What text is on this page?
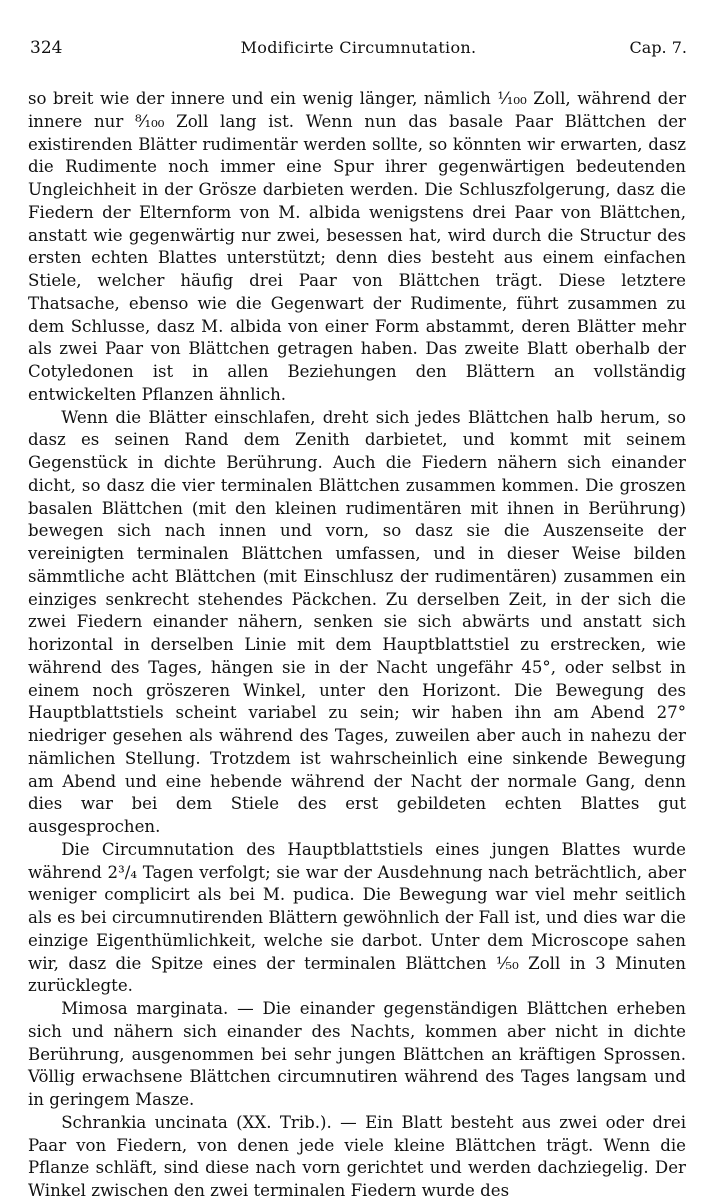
324	Modificirte Circumnutation.	Cap. 7.

so breit wie der innere und ein wenig länger, nämlich ¹⁄₁₀₀ Zoll, während der innere nur ⁸⁄₁₀₀ Zoll lang ist. Wenn nun das basale Paar Blättchen der existirenden Blätter rudimentär werden sollte, so könnten wir erwarten, dasz die Rudimente noch immer eine Spur ihrer gegenwärtigen bedeutenden Ungleichheit in der Grösze darbieten werden. Die Schluszfolgerung, dasz die Fiedern der Elternform von M. albida wenigstens drei Paar von Blättchen, anstatt wie gegenwärtig nur zwei, besessen hat, wird durch die Structur des ersten echten Blattes unterstützt; denn dies besteht aus einem einfachen Stiele, welcher häufig drei Paar von Blättchen trägt. Diese letztere Thatsache, ebenso wie die Gegenwart der Rudimente, führt zusammen zu dem Schlusse, dasz M. albida von einer Form abstammt, deren Blätter mehr als zwei Paar von Blättchen getragen haben. Das zweite Blatt oberhalb der Cotyledonen ist in allen Beziehungen den Blättern an vollständig entwickelten Pflanzen ähnlich.

Wenn die Blätter einschlafen, dreht sich jedes Blättchen halb herum, so dasz es seinen Rand dem Zenith darbietet, und kommt mit seinem Gegenstück in dichte Berührung. Auch die Fiedern nähern sich einander dicht, so dasz die vier terminalen Blättchen zusammen kommen. Die groszen basalen Blättchen (mit den kleinen rudimentären mit ihnen in Berührung) bewegen sich nach innen und vorn, so dasz sie die Auszenseite der vereinigten terminalen Blättchen umfassen, und in dieser Weise bilden sämmtliche acht Blättchen (mit Einschlusz der rudimentären) zusammen ein einziges senkrecht stehendes Päckchen. Zu derselben Zeit, in der sich die zwei Fiedern einander nähern, senken sie sich abwärts und anstatt sich horizontal in derselben Linie mit dem Hauptblattstiel zu erstrecken, wie während des Tages, hängen sie in der Nacht ungefähr 45°, oder selbst in einem noch gröszeren Winkel, unter den Horizont. Die Bewegung des Hauptblattstiels scheint variabel zu sein; wir haben ihn am Abend 27° niedriger gesehen als während des Tages, zuweilen aber auch in nahezu der nämlichen Stellung. Trotzdem ist wahrscheinlich eine sinkende Bewegung am Abend und eine hebende während der Nacht der normale Gang, denn dies war bei dem Stiele des erst gebildeten echten Blattes gut ausgesprochen.

Die Circumnutation des Hauptblattstiels eines jungen Blattes wurde während 2³/₄ Tagen verfolgt; sie war der Ausdehnung nach beträchtlich, aber weniger complicirt als bei M. pudica. Die Bewegung war viel mehr seitlich als es bei circumnutirenden Blättern gewöhnlich der Fall ist, und dies war die einzige Eigenthümlichkeit, welche sie darbot. Unter dem Microscope sahen wir, dasz die Spitze eines der terminalen Blättchen ¹⁄₅₀ Zoll in 3 Minuten zurücklegte.

Mimosa marginata. — Die einander gegenständigen Blättchen erheben sich und nähern sich einander des Nachts, kommen aber nicht in dichte Berührung, ausgenommen bei sehr jungen Blättchen an kräftigen Sprossen. Völlig erwachsene Blättchen circumnutiren während des Tages langsam und in geringem Masze.

Schrankia uncinata (XX. Trib.). — Ein Blatt besteht aus zwei oder drei Paar von Fiedern, von denen jede viele kleine Blättchen trägt. Wenn die Pflanze schläft, sind diese nach vorn gerichtet und werden dachziegelig. Der Winkel zwischen den zwei terminalen Fiedern wurde des
